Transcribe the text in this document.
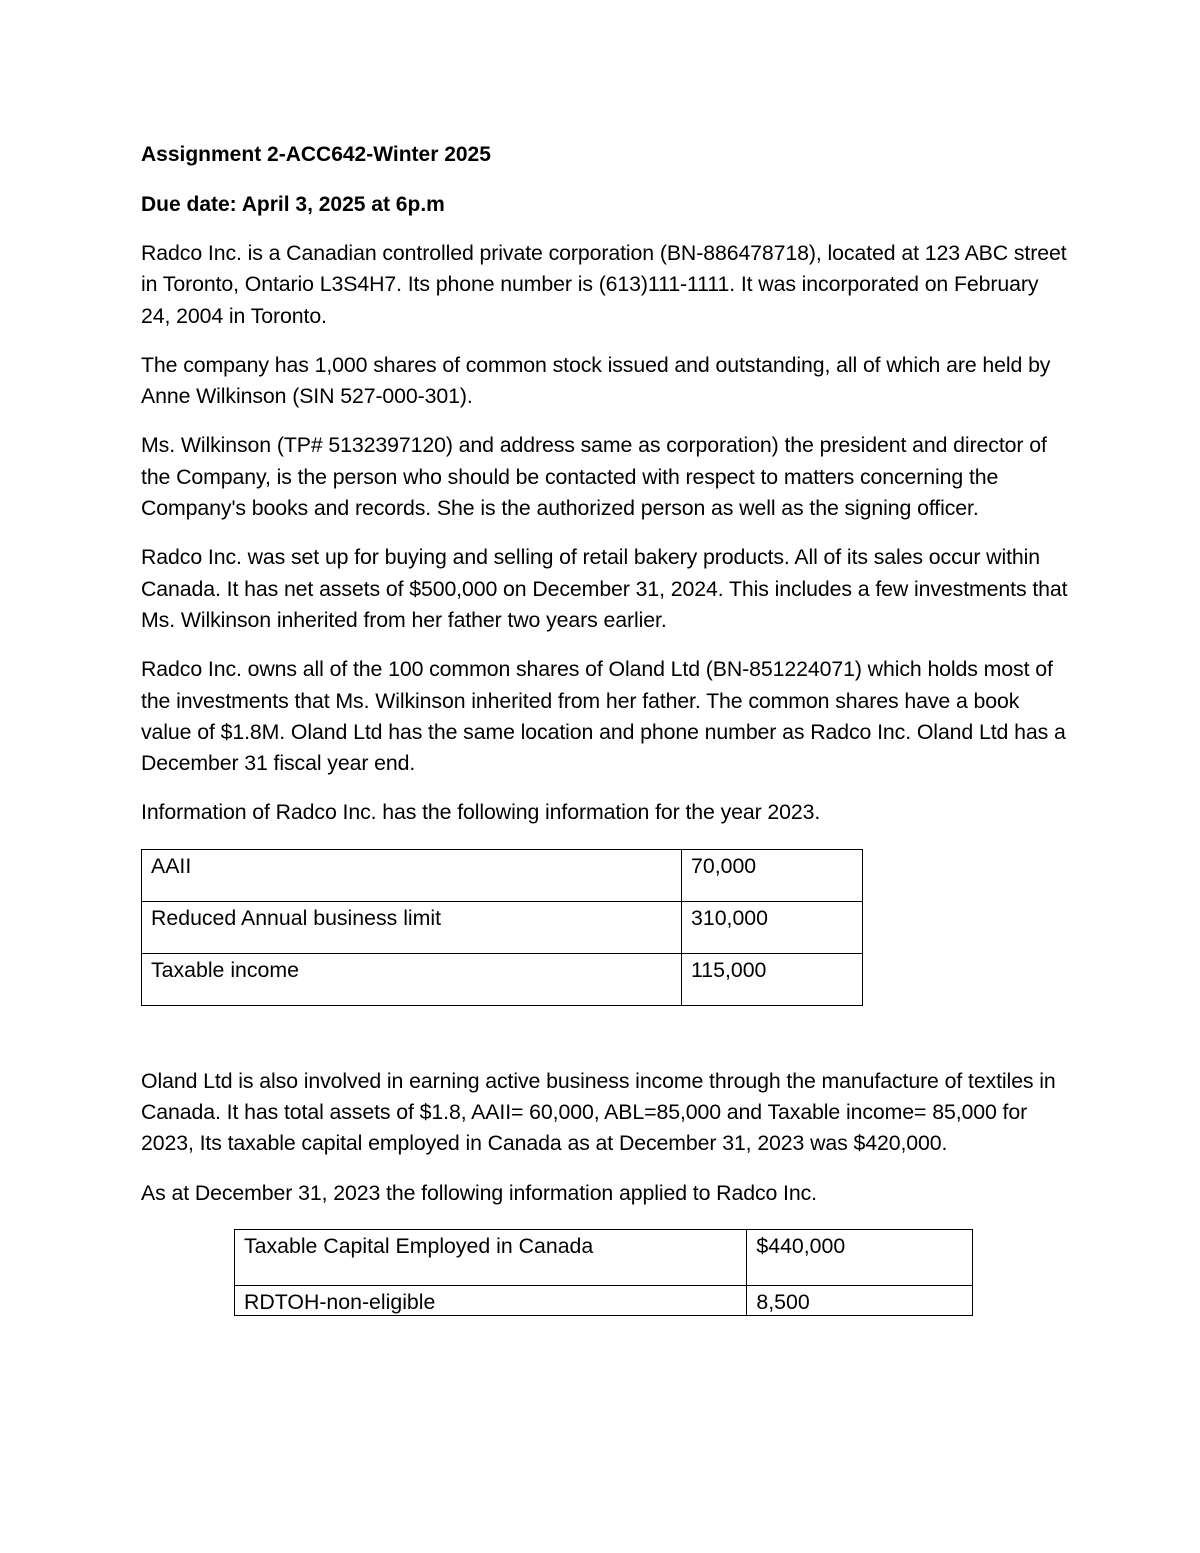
Assignment 2-ACC642-Winter 2025
Due date: April 3, 2025 at 6p.m

Radco Inc. is a Canadian controlled private corporation (BN-886478718), located at 123 ABC street in Toronto, Ontario L3S4H7. Its phone number is (613)111-1111. It was incorporated on February 24, 2004 in Toronto.

The company has 1,000 shares of common stock issued and outstanding, all of which are held by Anne Wilkinson (SIN 527-000-301).

Ms. Wilkinson (TP# 5132397120) and address same as corporation) the president and director of the Company, is the person who should be contacted with respect to matters concerning the Company's books and records. She is the authorized person as well as the signing officer.

Radco Inc. was set up for buying and selling of retail bakery products. All of its sales occur within Canada. It has net assets of $500,000 on December 31, 2024. This includes a few investments that Ms. Wilkinson inherited from her father two years earlier.

Radco Inc. owns all of the 100 common shares of Oland Ltd (BN-851224071) which holds most of the investments that Ms. Wilkinson inherited from her father. The common shares have a book value of $1.8M. Oland Ltd has the same location and phone number as Radco Inc. Oland Ltd has a December 31 fiscal year end.

Information of Radco Inc. has the following information for the year 2023.

AAII	70,000
Reduced Annual business limit	310,000
Taxable income	115,000

Oland Ltd is also involved in earning active business income through the manufacture of textiles in Canada. It has total assets of $1.8, AAII= 60,000, ABL=85,000 and Taxable income= 85,000 for 2023, Its taxable capital employed in Canada as at December 31, 2023 was $420,000.

As at December 31, 2023 the following information applied to Radco Inc.

Taxable Capital Employed in Canada	$440,000
RDTOH-non-eligible	8,500
